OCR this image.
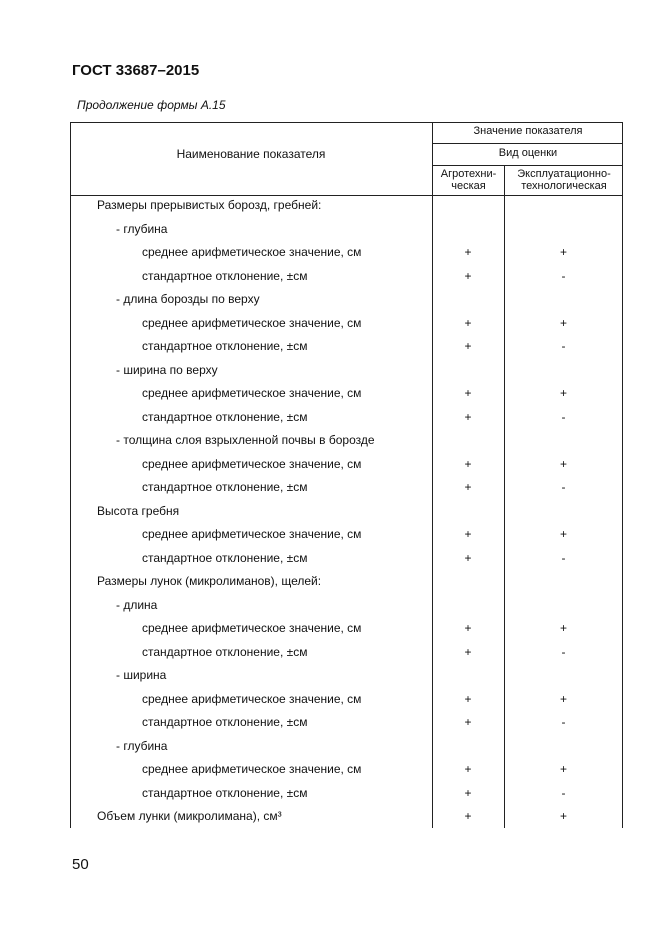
ГОСТ 33687–2015
Продолжение формы А.15
Наименование показателя
Значение показателя
Вид оценки
Агротехни-
ческая
Эксплуатационно-
технологическая
Размеры прерывистых борозд, гребней:
- глубина
среднее арифметическое значение, см	+	+
стандартное отклонение, ±см	+	-
- длина борозды по верху
среднее арифметическое значение, см	+	+
стандартное отклонение, ±см	+	-
- ширина по верху
среднее арифметическое значение, см	+	+
стандартное отклонение, ±см	+	-
- толщина слоя взрыхленной почвы в борозде
среднее арифметическое значение, см	+	+
стандартное отклонение, ±см	+	-
Высота гребня
среднее арифметическое значение, см	+	+
стандартное отклонение, ±см	+	-
Размеры лунок (микролиманов), щелей:
- длина
среднее арифметическое значение, см	+	+
стандартное отклонение, ±см	+	-
- ширина
среднее арифметическое значение, см	+	+
стандартное отклонение, ±см	+	-
- глубина
среднее арифметическое значение, см	+	+
стандартное отклонение, ±см	+	-
Объем лунки (микролимана), см³	+	+
50
